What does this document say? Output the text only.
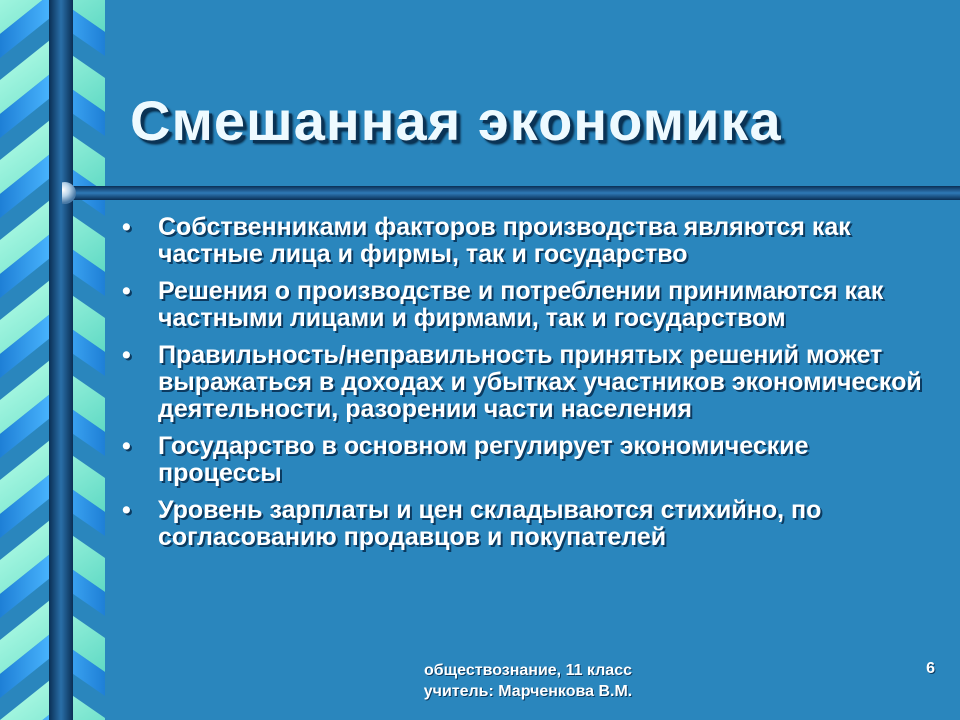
Смешанная экономика
• Собственниками факторов производства являются как частные лица и фирмы, так и государство
• Решения о производстве и потреблении принимаются как частными лицами и фирмами, так и государством
• Правильность/неправильность принятых решений может выражаться в доходах и убытках участников экономической деятельности, разорении части населения
• Государство в основном регулирует экономические процессы
• Уровень зарплаты и цен складываются стихийно, по согласованию продавцов и покупателей
обществознание, 11 класс учитель: Марченкова В.М.
6
